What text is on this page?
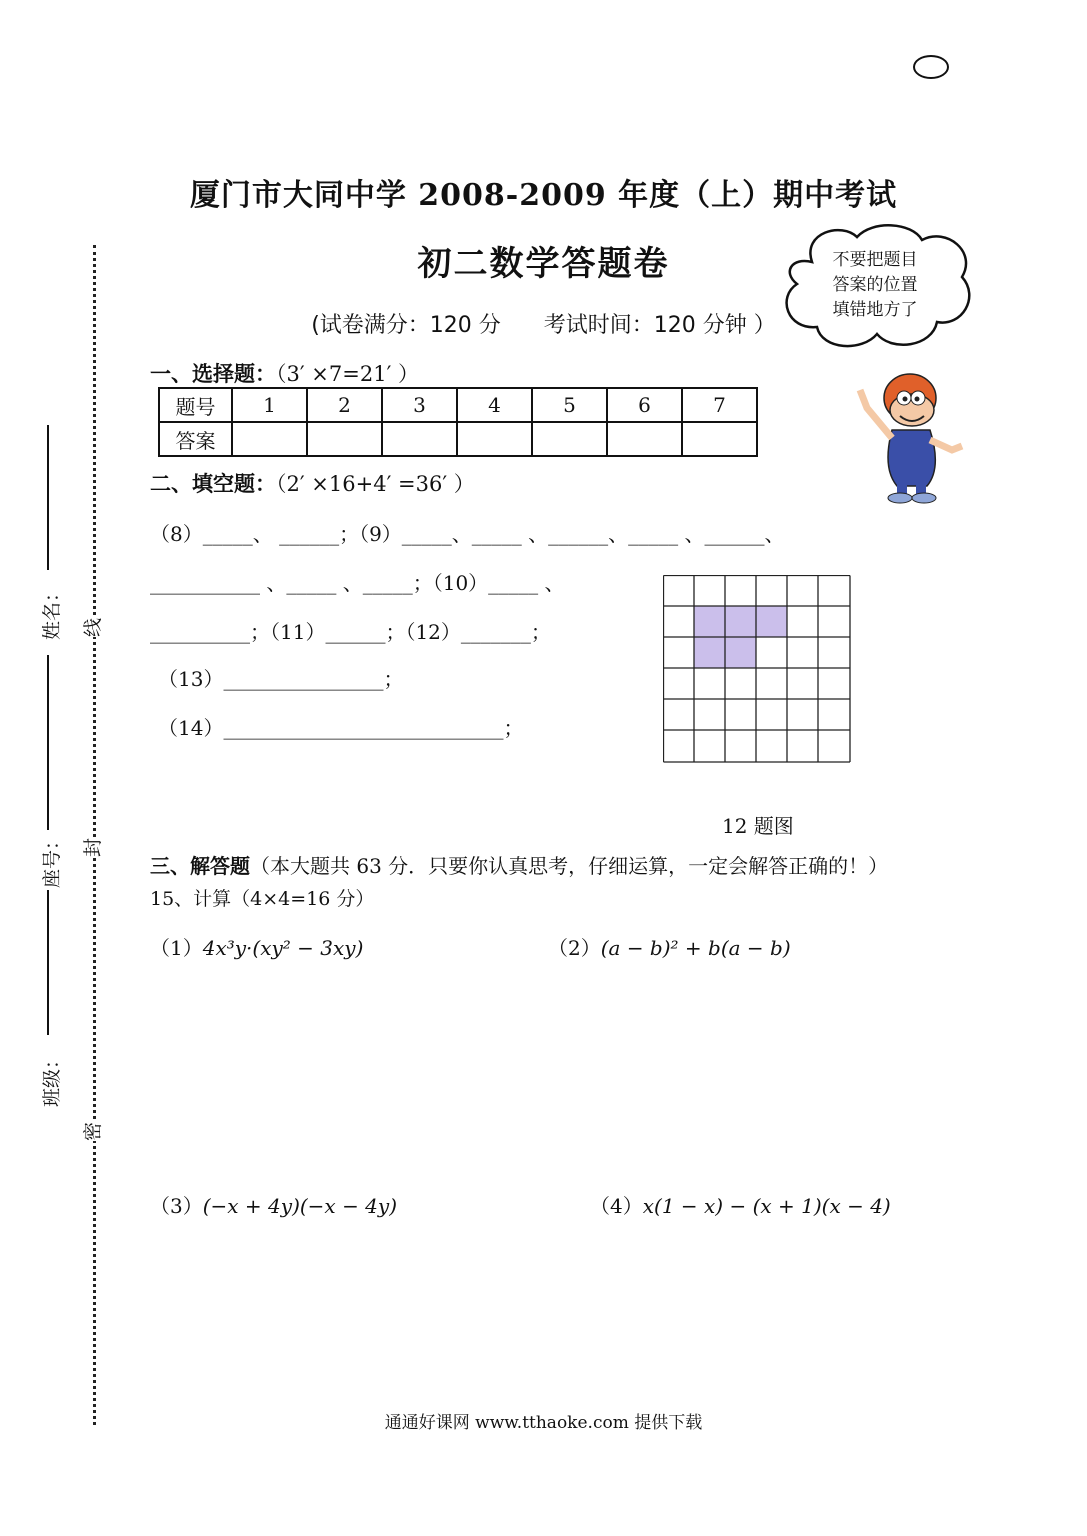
姓名：
座号：
班级：
线
封
密
厦门市大同中学 2008-2009 年度（上）期中考试
初二数学答题卷
(试卷满分：120 分 考试时间：120 分钟 ）
不要把题目
答案的位置
填错地方了
一、选择题：（3′ ×7=21′ ）
题号	1	2	3	4	5	6	7
答案							
二、填空题：（2′ ×16+4′ =36′ ）
（8）_____、 ______；（9）_____、_____ 、______、_____ 、______、
___________ 、_____ 、_____；（10）_____ 、
__________；（11）______；（12）_______；
（13）________________；
（14）____________________________；
12 题图
三、解答题（本大题共 63 分．只要你认真思考，仔细运算，一定会解答正确的！）
15、计算（4×4=16 分）
（1）4x³y·(xy² − 3xy)	（2）(a − b)² + b(a − b)
（3）(−x + 4y)(−x − 4y)	（4）x(1 − x) − (x + 1)(x − 4)
通通好课网 www.tthaoke.com 提供下载
